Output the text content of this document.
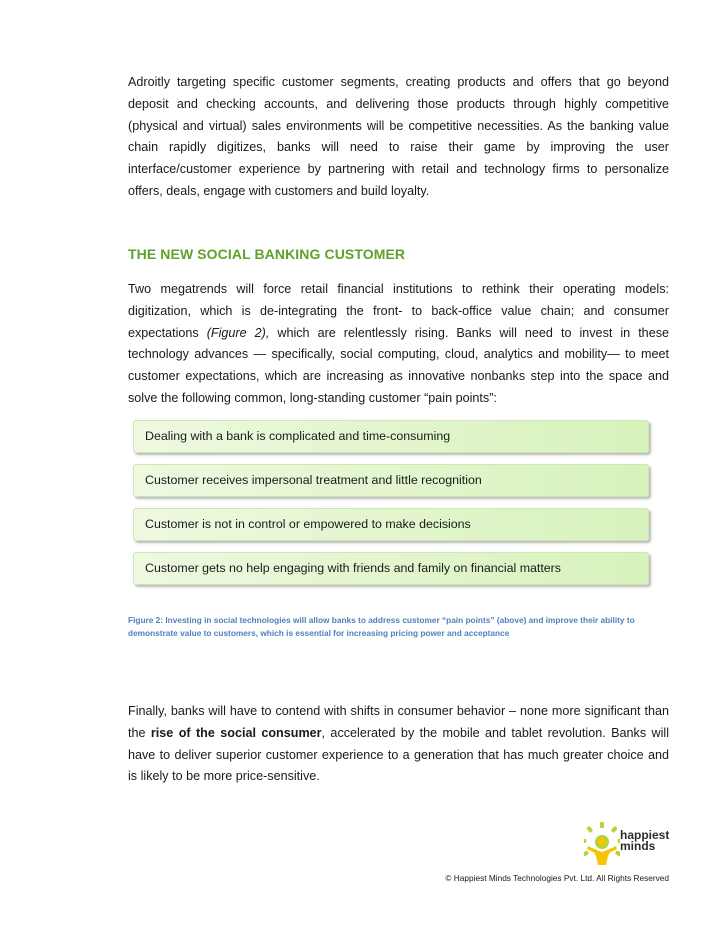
Adroitly targeting specific customer segments, creating products and offers that go beyond deposit and checking accounts, and delivering those products through highly competitive (physical and virtual) sales environments will be competitive necessities. As the banking value chain rapidly digitizes, banks will need to raise their game by improving the user interface/customer experience by partnering with retail and technology firms to personalize offers, deals, engage with customers and build loyalty.

THE NEW SOCIAL BANKING CUSTOMER

Two megatrends will force retail financial institutions to rethink their operating models: digitization, which is de-integrating the front- to back-office value chain; and consumer expectations (Figure 2), which are relentlessly rising. Banks will need to invest in these technology advances — specifically, social computing, cloud, analytics and mobility— to meet customer expectations, which are increasing as innovative nonbanks step into the space and solve the following common, long-standing customer “pain points”:

Dealing with a bank is complicated and time-consuming
Customer receives impersonal treatment and little recognition
Customer is not in control or empowered to make decisions
Customer gets no help engaging with friends and family on financial matters

Figure 2: Investing in social technologies will allow banks to address customer “pain points” (above) and improve their ability to demonstrate value to customers, which is essential for increasing pricing power and acceptance

Finally, banks will have to contend with shifts in consumer behavior – none more significant than the rise of the social consumer, accelerated by the mobile and tablet revolution. Banks will have to deliver superior customer experience to a generation that has much greater choice and is likely to be more price-sensitive.

happiest
minds
© Happiest Minds Technologies Pvt. Ltd. All Rights Reserved
